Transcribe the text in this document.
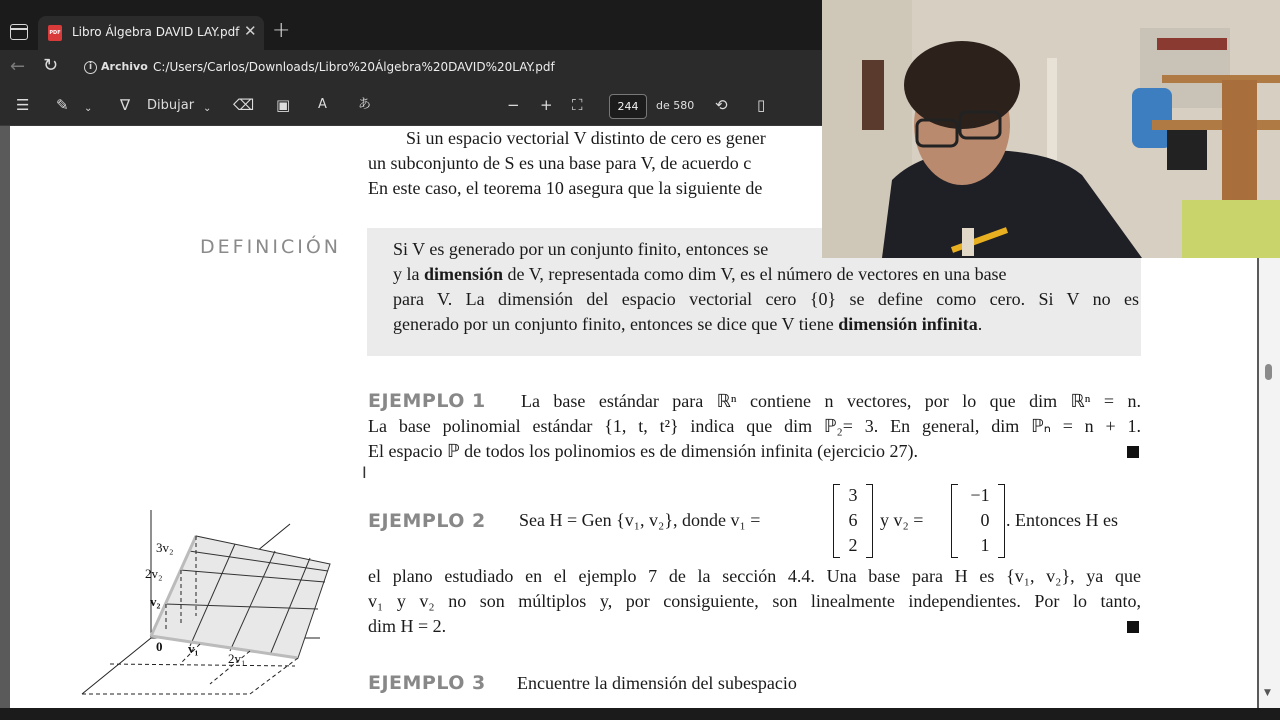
PDF Libro Álgebra DAVID LAY.pdf ✕ +
← ↻	i Archivo C:/Users/Carlos/Downloads/Libro%20Álgebra%20DAVID%20LAY.pdf
☰ ✎ ⌄ ∇ Dibujar ⌄ ⌫ ▣ A あ	− + ⛶	244	de 580 ⟲ ▯
Si un espacio vectorial V distinto de cero es gener
un subconjunto de S es una base para V, de acuerdo c
En este caso, el teorema 10 asegura que la siguiente de
DEFINICIÓN	Si V es generado por un conjunto finito, entonces se
y la dimensión de V, representada como dim V, es el número de vectores en una base
para V. La dimensión del espacio vectorial cero {0} se define como cero. Si V no es
generado por un conjunto finito, entonces se dice que V tiene dimensión infinita.
EJEMPLO 1 La base estándar para ℝⁿ contiene n vectores, por lo que dim ℝⁿ = n.
La base polinomial estándar {1, t, t²} indica que dim ℙ₂= 3. En general, dim ℙₙ = n + 1.
El espacio ℙ de todos los polinomios es de dimensión infinita (ejercicio 27).
I
EJEMPLO 2 Sea H = Gen {v₁, v₂}, donde v₁ =
3
6
2
y v₂ =
−1
0
1
. Entonces H es
el plano estudiado en el ejemplo 7 de la sección 4.4. Una base para H es {v₁, v₂}, ya que
v₁ y v₂ no son múltiplos y, por consiguiente, son linealmente independientes. Por lo tanto,
dim H = 2.
EJEMPLO 3 Encuentre la dimensión del subespacio
3v₂
2v₂
v₂
0 v₁
2v₁
▼
